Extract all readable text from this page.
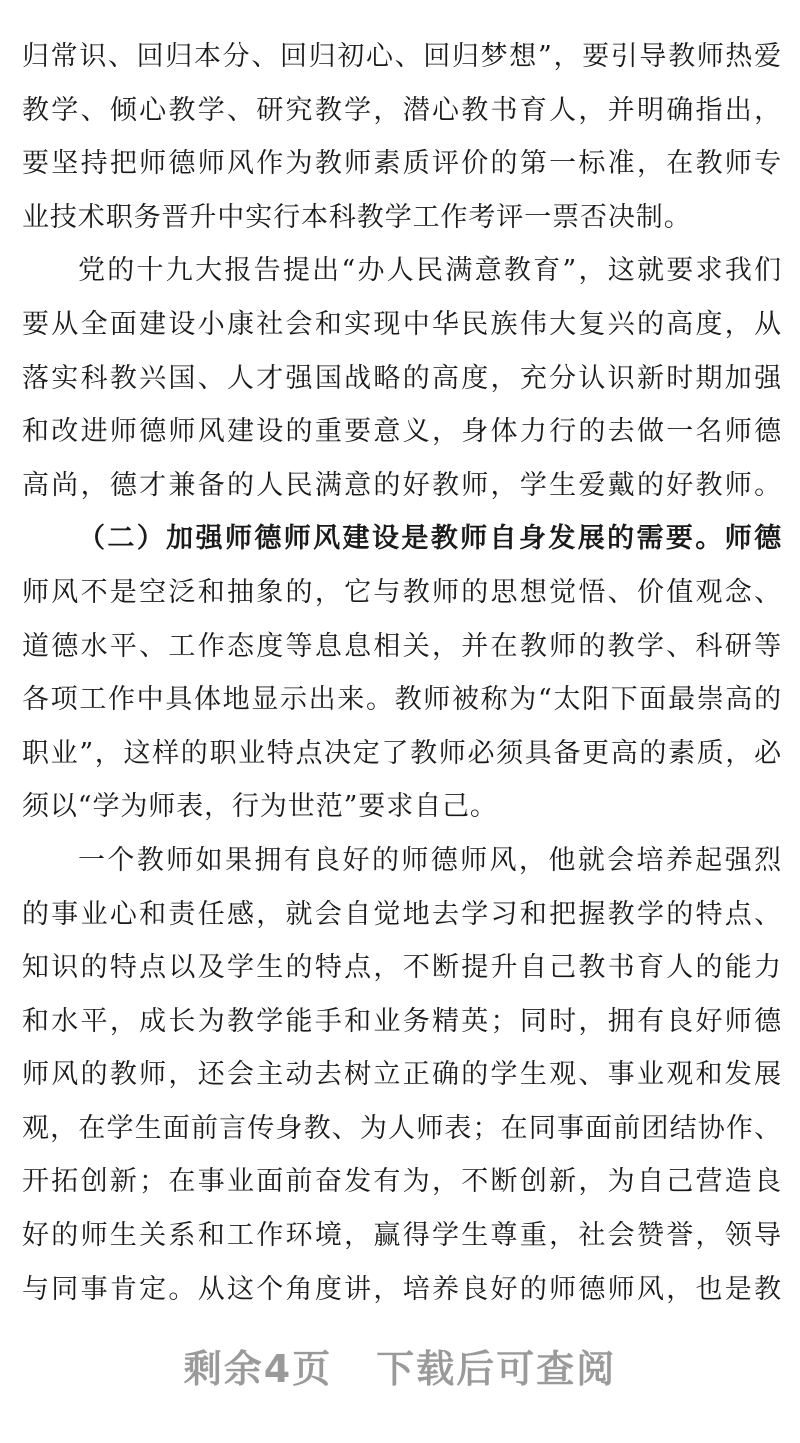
归常识、回归本分、回归初心、回归梦想”，要引导教师热爱
教学、倾心教学、研究教学，潜心教书育人，并明确指出，
要坚持把师德师风作为教师素质评价的第一标准，在教师专
业技术职务晋升中实行本科教学工作考评一票否决制。
党的十九大报告提出“办人民满意教育”，这就要求我们
要从全面建设小康社会和实现中华民族伟大复兴的高度，从
落实科教兴国、人才强国战略的高度，充分认识新时期加强
和改进师德师风建设的重要意义，身体力行的去做一名师德
高尚，德才兼备的人民满意的好教师，学生爱戴的好教师。
（二）加强师德师风建设是教师自身发展的需要。师德
师风不是空泛和抽象的，它与教师的思想觉悟、价值观念、
道德水平、工作态度等息息相关，并在教师的教学、科研等
各项工作中具体地显示出来。教师被称为“太阳下面最崇高的
职业”，这样的职业特点决定了教师必须具备更高的素质，必
须以“学为师表，行为世范”要求自己。
一个教师如果拥有良好的师德师风，他就会培养起强烈
的事业心和责任感，就会自觉地去学习和把握教学的特点、
知识的特点以及学生的特点，不断提升自己教书育人的能力
和水平，成长为教学能手和业务精英；同时，拥有良好师德
师风的教师，还会主动去树立正确的学生观、事业观和发展
观，在学生面前言传身教、为人师表；在同事面前团结协作、
开拓创新；在事业面前奋发有为，不断创新，为自己营造良
好的师生关系和工作环境，赢得学生尊重，社会赞誉，领导
与同事肯定。从这个角度讲，培养良好的师德师风，也是教
剩余4页 下载后可查阅
